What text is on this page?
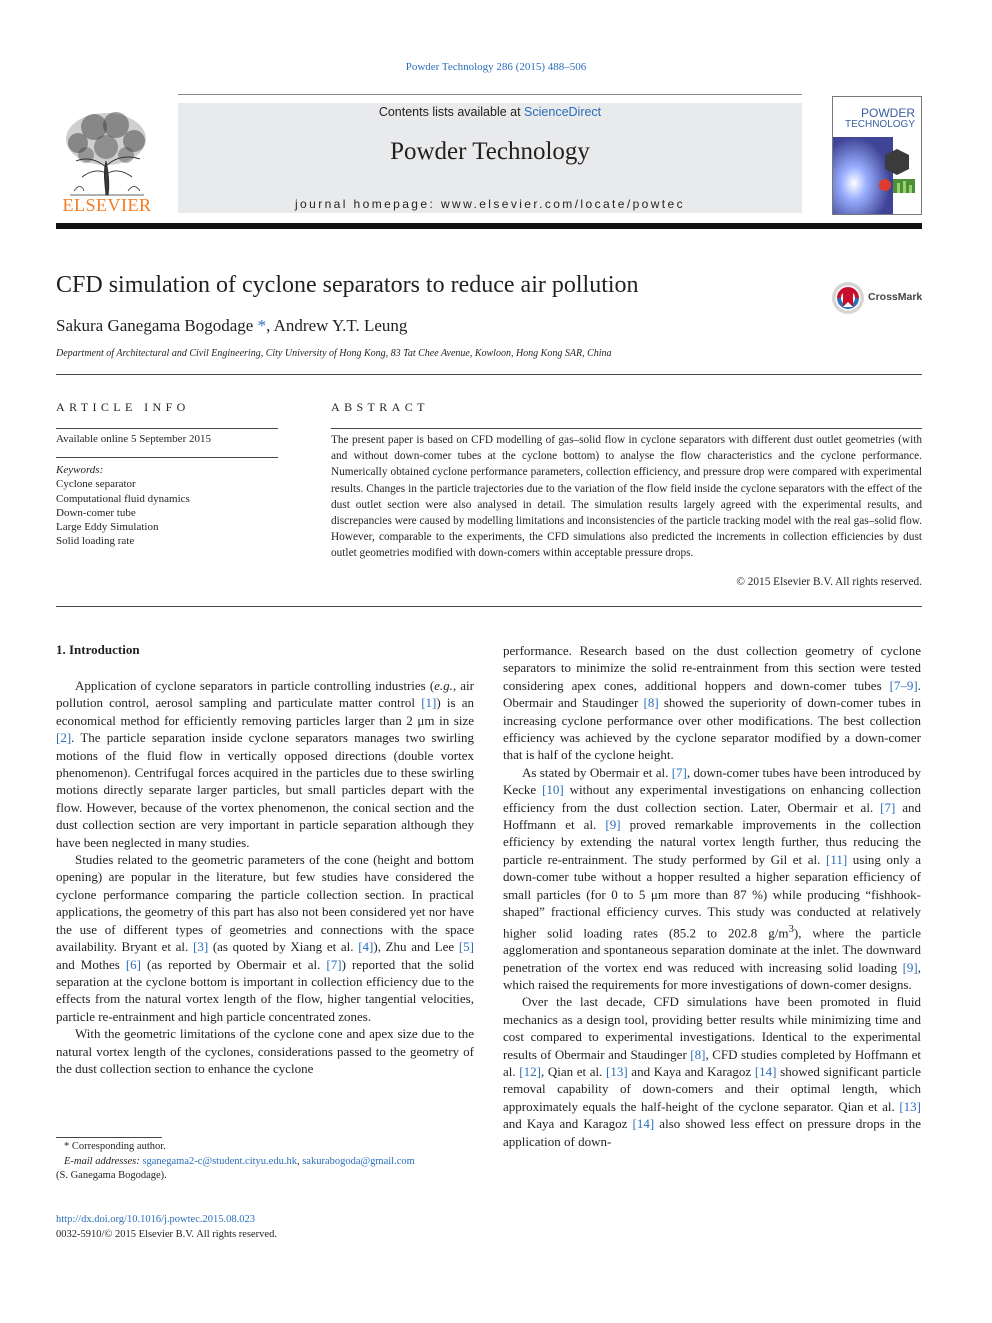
Powder Technology 286 (2015) 488–506
ELSEVIER
Contents lists available at ScienceDirect
Powder Technology
journal homepage: www.elsevier.com/locate/powtec
POWDER
TECHNOLOGY
CFD simulation of cyclone separators to reduce air pollution	CrossMark
Sakura Ganegama Bogodage *, Andrew Y.T. Leung
Department of Architectural and Civil Engineering, City University of Hong Kong, 83 Tat Chee Avenue, Kowloon, Hong Kong SAR, China
ARTICLE INFO
Available online 5 September 2015
Keywords:
Cyclone separator
Computational fluid dynamics
Down-comer tube
Large Eddy Simulation
Solid loading rate
ABSTRACT
The present paper is based on CFD modelling of gas–solid flow in cyclone separators with different dust outlet geometries (with and without down-comer tubes at the cyclone bottom) to analyse the flow characteristics and the cyclone performance. Numerically obtained cyclone performance parameters, collection efficiency, and pressure drop were compared with experimental results. Changes in the particle trajectories due to the variation of the flow field inside the cyclone separators with the effect of the dust outlet section were also analysed in detail. The simulation results largely agreed with the experimental results, and discrepancies were caused by modelling limitations and inconsistencies of the particle tracking model with the real gas–solid flow. However, comparable to the experiments, the CFD simulations also predicted the increments in collection efficiencies by dust outlet geometries modified with down-comers within acceptable pressure drops.
© 2015 Elsevier B.V. All rights reserved.
1. Introduction

Application of cyclone separators in particle controlling industries (e.g., air pollution control, aerosol sampling and particulate matter control [1]) is an economical method for efficiently removing particles larger than 2 μm in size [2]. The particle separation inside cyclone separators manages two swirling motions of the fluid flow in vertically opposed directions (double vortex phenomenon). Centrifugal forces acquired in the particles due to these swirling motions directly separate larger particles, but small particles depart with the flow. However, because of the vortex phenomenon, the conical section and the dust collection section are very important in particle separation although they have been neglected in many studies.

Studies related to the geometric parameters of the cone (height and bottom opening) are popular in the literature, but few studies have considered the cyclone performance comparing the particle collection section. In practical applications, the geometry of this part has also not been considered yet nor have the use of different types of geometries and connections with the space availability. Bryant et al. [3] (as quoted by Xiang et al. [4]), Zhu and Lee [5] and Mothes [6] (as reported by Obermair et al. [7]) reported that the solid separation at the cyclone bottom is important in collection efficiency due to the effects from the natural vortex length of the flow, higher tangential velocities, particle re-entrainment and high particle concentrated zones.

With the geometric limitations of the cyclone cone and apex size due to the natural vortex length of the cyclones, considerations passed to the geometry of the dust collection section to enhance the cyclone

performance. Research based on the dust collection geometry of cyclone separators to minimize the solid re-entrainment from this section were tested considering apex cones, additional hoppers and down-comer tubes [7–9]. Obermair and Staudinger [8] showed the superiority of down-comer tubes in increasing cyclone performance over other modifications. The best collection efficiency was achieved by the cyclone separator modified by a down-comer that is half of the cyclone height.

As stated by Obermair et al. [7], down-comer tubes have been introduced by Kecke [10] without any experimental investigations on enhancing collection efficiency from the dust collection section. Later, Obermair et al. [7] and Hoffmann et al. [9] proved remarkable improvements in the collection efficiency by extending the natural vortex length further, thus reducing the particle re-entrainment. The study performed by Gil et al. [11] using only a down-comer tube without a hopper resulted a higher separation efficiency of small particles (for 0 to 5 μm more than 87 %) while producing “fishhook-shaped” fractional efficiency curves. This study was conducted at relatively higher solid loading rates (85.2 to 202.8 $g/m^3$), where the particle agglomeration and spontaneous separation dominate at the inlet. The downward penetration of the vortex end was reduced with increasing solid loading [9], which raised the requirements for more investigations of down-comer designs.

Over the last decade, CFD simulations have been promoted in fluid mechanics as a design tool, providing better results while minimizing time and cost compared to experimental investigations. Identical to the experimental results of Obermair and Staudinger [8], CFD studies completed by Hoffmann et al. [12], Qian et al. [13] and Kaya and Karagoz [14] showed significant particle removal capability of down-comers and their optimal length, which approximately equals the half-height of the cyclone separator. Qian et al. [13] and Kaya and Karagoz [14] also showed less effect on pressure drops in the application of down-

* Corresponding author.
E-mail addresses: sganegama2-c@student.cityu.edu.hk, sakurabogoda@gmail.com
(S. Ganegama Bogodage).
http://dx.doi.org/10.1016/j.powtec.2015.08.023
0032-5910/© 2015 Elsevier B.V. All rights reserved.
